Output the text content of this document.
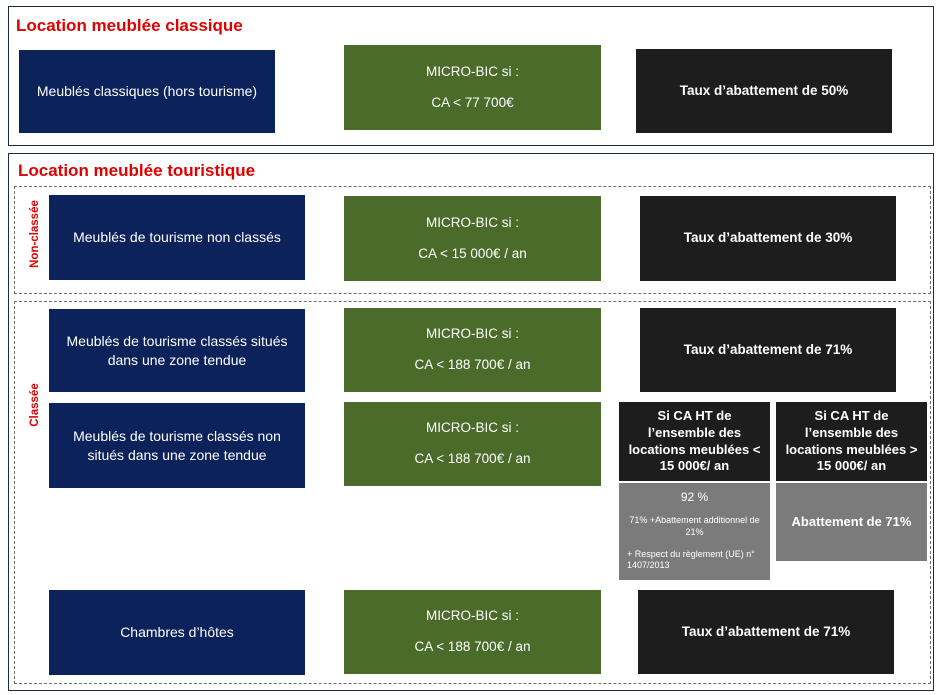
Location meublée classique
Meublés classiques (hors tourisme)
MICRO-BIC si :
CA < 77 700€
Taux d’abattement de 50%
Location meublée touristique
Non-classée Meublés de tourisme non classés
MICRO-BIC si :
CA < 15 000€ / an
Taux d’abattement de 30%
Classée
Meublés de tourisme classés situés dans une zone tendue
MICRO-BIC si :
CA < 188 700€ / an
Taux d’abattement de 71%
Meublés de tourisme classés non situés dans une zone tendue
MICRO-BIC si :
CA < 188 700€ / an
Si CA HT de l’ensemble des locations meublées < 15 000€/ an
Si CA HT de l’ensemble des locations meublées > 15 000€/ an
92 %
71% +Abattement additionnel de 21%
+ Respect du règlement (UE) n° 1407/2013
Abattement de 71%
Chambres d’hôtes
MICRO-BIC si :
CA < 188 700€ / an
Taux d’abattement de 71%
